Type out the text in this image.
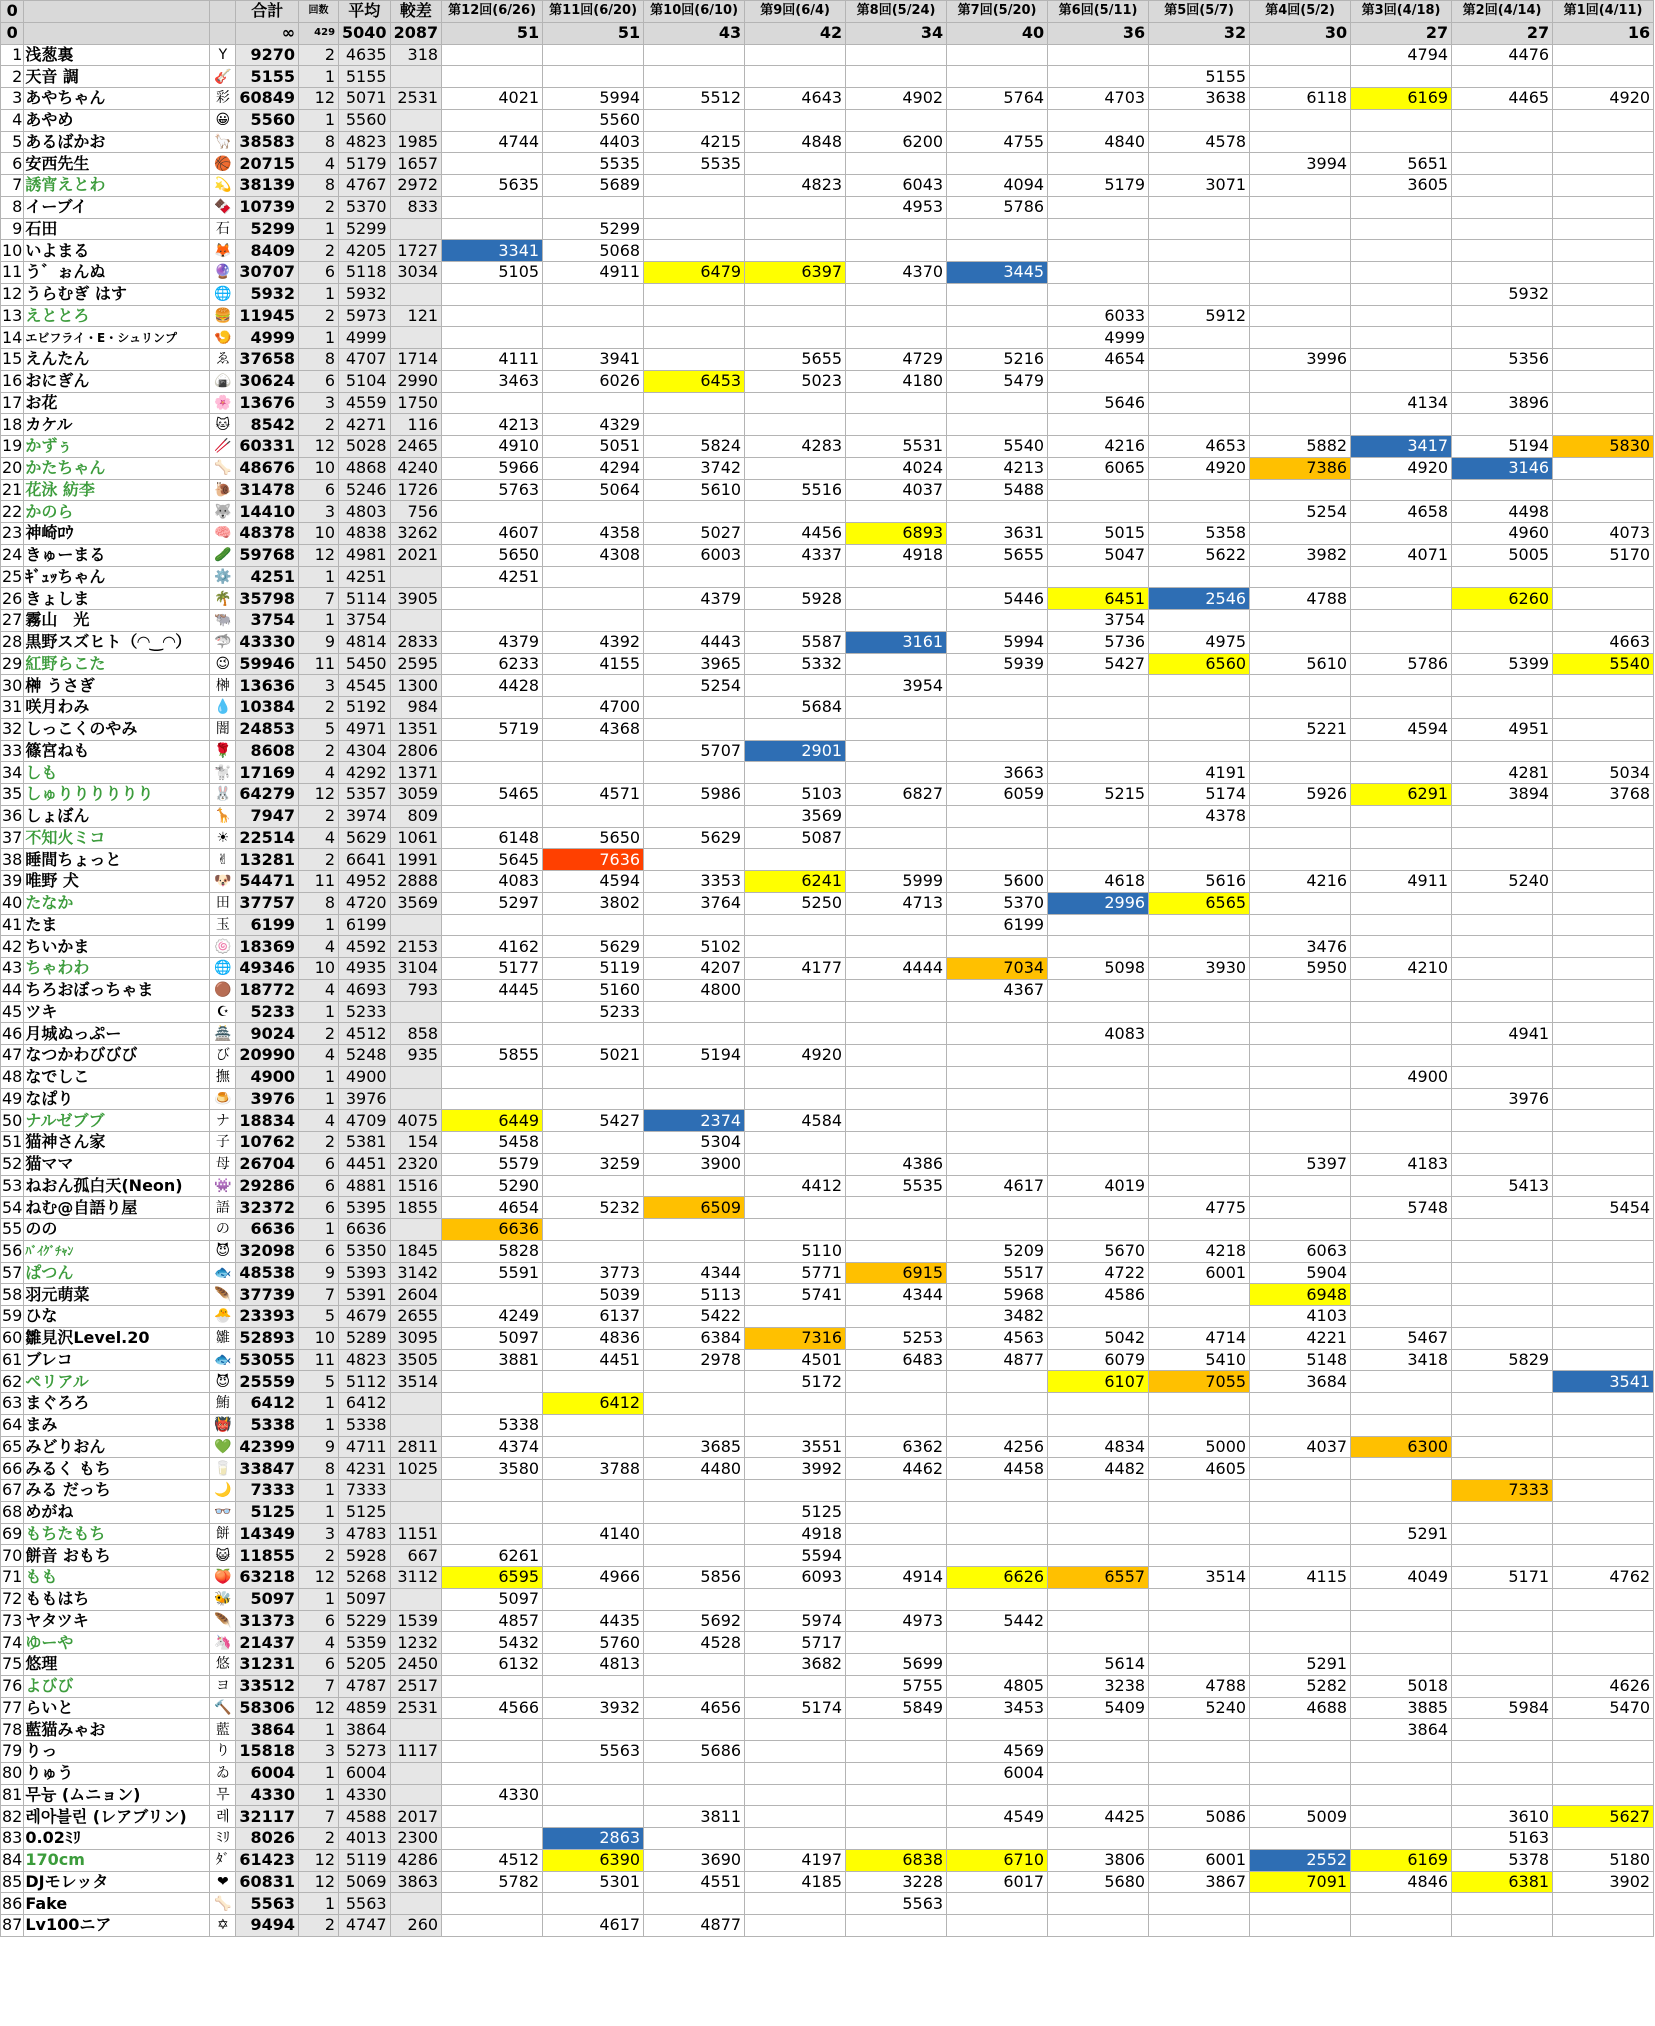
0			合計	回数	平均	較差	第12回(6/26)	第11回(6/20)	第10回(6/10)	第9回(6/4)	第8回(5/24)	第7回(5/20)	第6回(5/11)	第5回(5/7)	第4回(5/2)	第3回(4/18)	第2回(4/14)	第1回(4/11)
0			∞	429	5040	2087	51	51	43	42	34	40	36	32	30	27	27	16
1	浅葱裏	Y	9270	2	4635	318										4794	4476	
2	天音 調	🎸	5155	1	5155									5155				
3	あやちゃん	彩	60849	12	5071	2531	4021	5994	5512	4643	4902	5764	4703	3638	6118	6169	4465	4920
4	あやめ	😀	5560	1	5560			5560										
5	あるばかお	🦙	38583	8	4823	1985	4744	4403	4215	4848	6200	4755	4840	4578				
6	安西先生	🏀	20715	4	5179	1657		5535	5535						3994	5651		
7	誘宵えとわ	💫	38139	8	4767	2972	5635	5689		4823	6043	4094	5179	3071		3605		
8	イーブイ	🍫	10739	2	5370	833					4953	5786						
9	石田	石	5299	1	5299			5299										
10	いよまる	🦊	8409	2	4205	1727	3341	5068										
11	う゛ぉんぬ	🔮	30707	6	5118	3034	5105	4911	6479	6397	4370	3445						
12	うらむぎ はす	🌐	5932	1	5932												5932	
13	えととろ	🍔	11945	2	5973	121							6033	5912				
14	エビフライ・E・シュリンプ	🍤	4999	1	4999								4999					
15	えんたん	ゑ	37658	8	4707	1714	4111	3941		5655	4729	5216	4654		3996		5356	
16	おにぎん	🍙	30624	6	5104	2990	3463	6026	6453	5023	4180	5479						
17	お花	🌸	13676	3	4559	1750							5646			4134	3896	
18	カケル	🐱	8542	2	4271	116	4213	4329										
19	かずぅ	🥢	60331	12	5028	2465	4910	5051	5824	4283	5531	5540	4216	4653	5882	3417	5194	5830
20	かたちゃん	🦴	48676	10	4868	4240	5966	4294	3742		4024	4213	6065	4920	7386	4920	3146	
21	花泳 紡李	🐌	31478	6	5246	1726	5763	5064	5610	5516	4037	5488						
22	かのら	🐺	14410	3	4803	756									5254	4658	4498	
23	神崎ﾛｳ	🧠	48378	10	4838	3262	4607	4358	5027	4456	6893	3631	5015	5358			4960	4073
24	きゅーまる	🥒	59768	12	4981	2021	5650	4308	6003	4337	4918	5655	5047	5622	3982	4071	5005	5170
25	ｷﾞｭｯちゃん	⚙️	4251	1	4251		4251											
26	きょしま	🌴	35798	7	5114	3905			4379	5928		5446	6451	2546	4788		6260	
27	霧山　光	🐃	3754	1	3754								3754					
28	黒野スズヒト（◠‿◠）	🦈	43330	9	4814	2833	4379	4392	4443	5587	3161	5994	5736	4975				4663
29	紅野らこた	😉	59946	11	5450	2595	6233	4155	3965	5332		5939	5427	6560	5610	5786	5399	5540
30	榊 うさぎ	榊	13636	3	4545	1300	4428		5254		3954							
31	咲月わみ	💧	10384	2	5192	984		4700		5684								
32	しっこくのやみ	闇	24853	5	4971	1351	5719	4368							5221	4594	4951	
33	篠宮ねも	🌹	8608	2	4304	2806			5707	2901								
34	しも	🐩	17169	4	4292	1371						3663		4191			4281	5034
35	しゅりりりりりり	🐰	64279	12	5357	3059	5465	4571	5986	5103	6827	6059	5215	5174	5926	6291	3894	3768
36	しょぼん	🦒	7947	2	3974	809				3569				4378				
37	不知火ミコ	☀	22514	4	5629	1061	6148	5650	5629	5087								
38	睡間ちょっと	✌	13281	2	6641	1991	5645	7636										
39	唯野 犬	🐶	54471	11	4952	2888	4083	4594	3353	6241	5999	5600	4618	5616	4216	4911	5240	
40	たなか	田	37757	8	4720	3569	5297	3802	3764	5250	4713	5370	2996	6565				
41	たま	玉	6199	1	6199							6199						
42	ちいかま	🍥	18369	4	4592	2153	4162	5629	5102						3476			
43	ちゃわわ	🌐	49346	10	4935	3104	5177	5119	4207	4177	4444	7034	5098	3930	5950	4210		
44	ちろおぼっちゃま	🟤	18772	4	4693	793	4445	5160	4800			4367						
45	ツキ	☪	5233	1	5233			5233										
46	月城ぬっぷー	🏯	9024	2	4512	858							4083				4941	
47	なつかわびびび	び	20990	4	5248	935	5855	5021	5194	4920								
48	なでしこ	撫	4900	1	4900											4900		
49	なぱり	🍮	3976	1	3976												3976	
50	ナルゼブブ	ナ	18834	4	4709	4075	6449	5427	2374	4584								
51	猫神さん家	子	10762	2	5381	154	5458		5304									
52	猫ママ	母	26704	6	4451	2320	5579	3259	3900		4386				5397	4183		
53	ねおん孤白天(Neon)	👾	29286	6	4881	1516	5290			4412	5535	4617	4019				5413	
54	ねむ@自語り屋	語	32372	6	5395	1855	4654	5232	6509					4775		5748		5454
55	のの	の	6636	1	6636		6636											
56	ﾊﾞｲｸﾞﾁｬﾝ	😈	32098	6	5350	1845	5828			5110		5209	5670	4218	6063			
57	ぱつん	🐟	48538	9	5393	3142	5591	3773	4344	5771	6915	5517	4722	6001	5904			
58	羽元萌菜	🪶	37739	7	5391	2604		5039	5113	5741	4344	5968	4586		6948			
59	ひな	🐣	23393	5	4679	2655	4249	6137	5422			3482			4103			
60	雛見沢Level.20	雛	52893	10	5289	3095	5097	4836	6384	7316	5253	4563	5042	4714	4221	5467		
61	ブレコ	🐟	53055	11	4823	3505	3881	4451	2978	4501	6483	4877	6079	5410	5148	3418	5829	
62	ペリアル	😈	25559	5	5112	3514				5172			6107	7055	3684			3541
63	まぐろろ	鮪	6412	1	6412			6412										
64	まみ	👹	5338	1	5338		5338											
65	みどりおん	💚	42399	9	4711	2811	4374		3685	3551	6362	4256	4834	5000	4037	6300		
66	みるく もち	🥛	33847	8	4231	1025	3580	3788	4480	3992	4462	4458	4482	4605				
67	みる だっち	🌙	7333	1	7333												7333	
68	めがね	👓	5125	1	5125					5125								
69	もちたもち	餅	14349	3	4783	1151		4140		4918						5291		
70	餅音 おもち	😺	11855	2	5928	667	6261			5594								
71	もも	🍑	63218	12	5268	3112	6595	4966	5856	6093	4914	6626	6557	3514	4115	4049	5171	4762
72	ももはち	🐝	5097	1	5097		5097											
73	ヤタツキ	🪶	31373	6	5229	1539	4857	4435	5692	5974	4973	5442						
74	ゆーや	🦄	21437	4	5359	1232	5432	5760	4528	5717								
75	悠理	悠	31231	6	5205	2450	6132	4813		3682	5699		5614		5291			
76	よびび	ヨ	33512	7	4787	2517					5755	4805	3238	4788	5282	5018		4626
77	らいと	🔨	58306	12	4859	2531	4566	3932	4656	5174	5849	3453	5409	5240	4688	3885	5984	5470
78	藍猫みゃお	藍	3864	1	3864											3864		
79	りっ	り	15818	3	5273	1117		5563	5686			4569						
80	りゅう	ゐ	6004	1	6004							6004						
81	무늉 (ムニョン)	무	4330	1	4330		4330											
82	레아블린 (レアブリン)	레	32117	7	4588	2017			3811			4549	4425	5086	5009		3610	5627
83	0.02ﾐﾘ	ﾐﾘ	8026	2	4013	2300		2863									5163	
84	170cm	ﾀﾞ	61423	12	5119	4286	4512	6390	3690	4197	6838	6710	3806	6001	2552	6169	5378	5180
85	DJモレッタ	❤	60831	12	5069	3863	5782	5301	4551	4185	3228	6017	5680	3867	7091	4846	6381	3902
86	Fake	🦴	5563	1	5563						5563							
87	Lv100ニア	✡	9494	2	4747	260		4617	4877									
